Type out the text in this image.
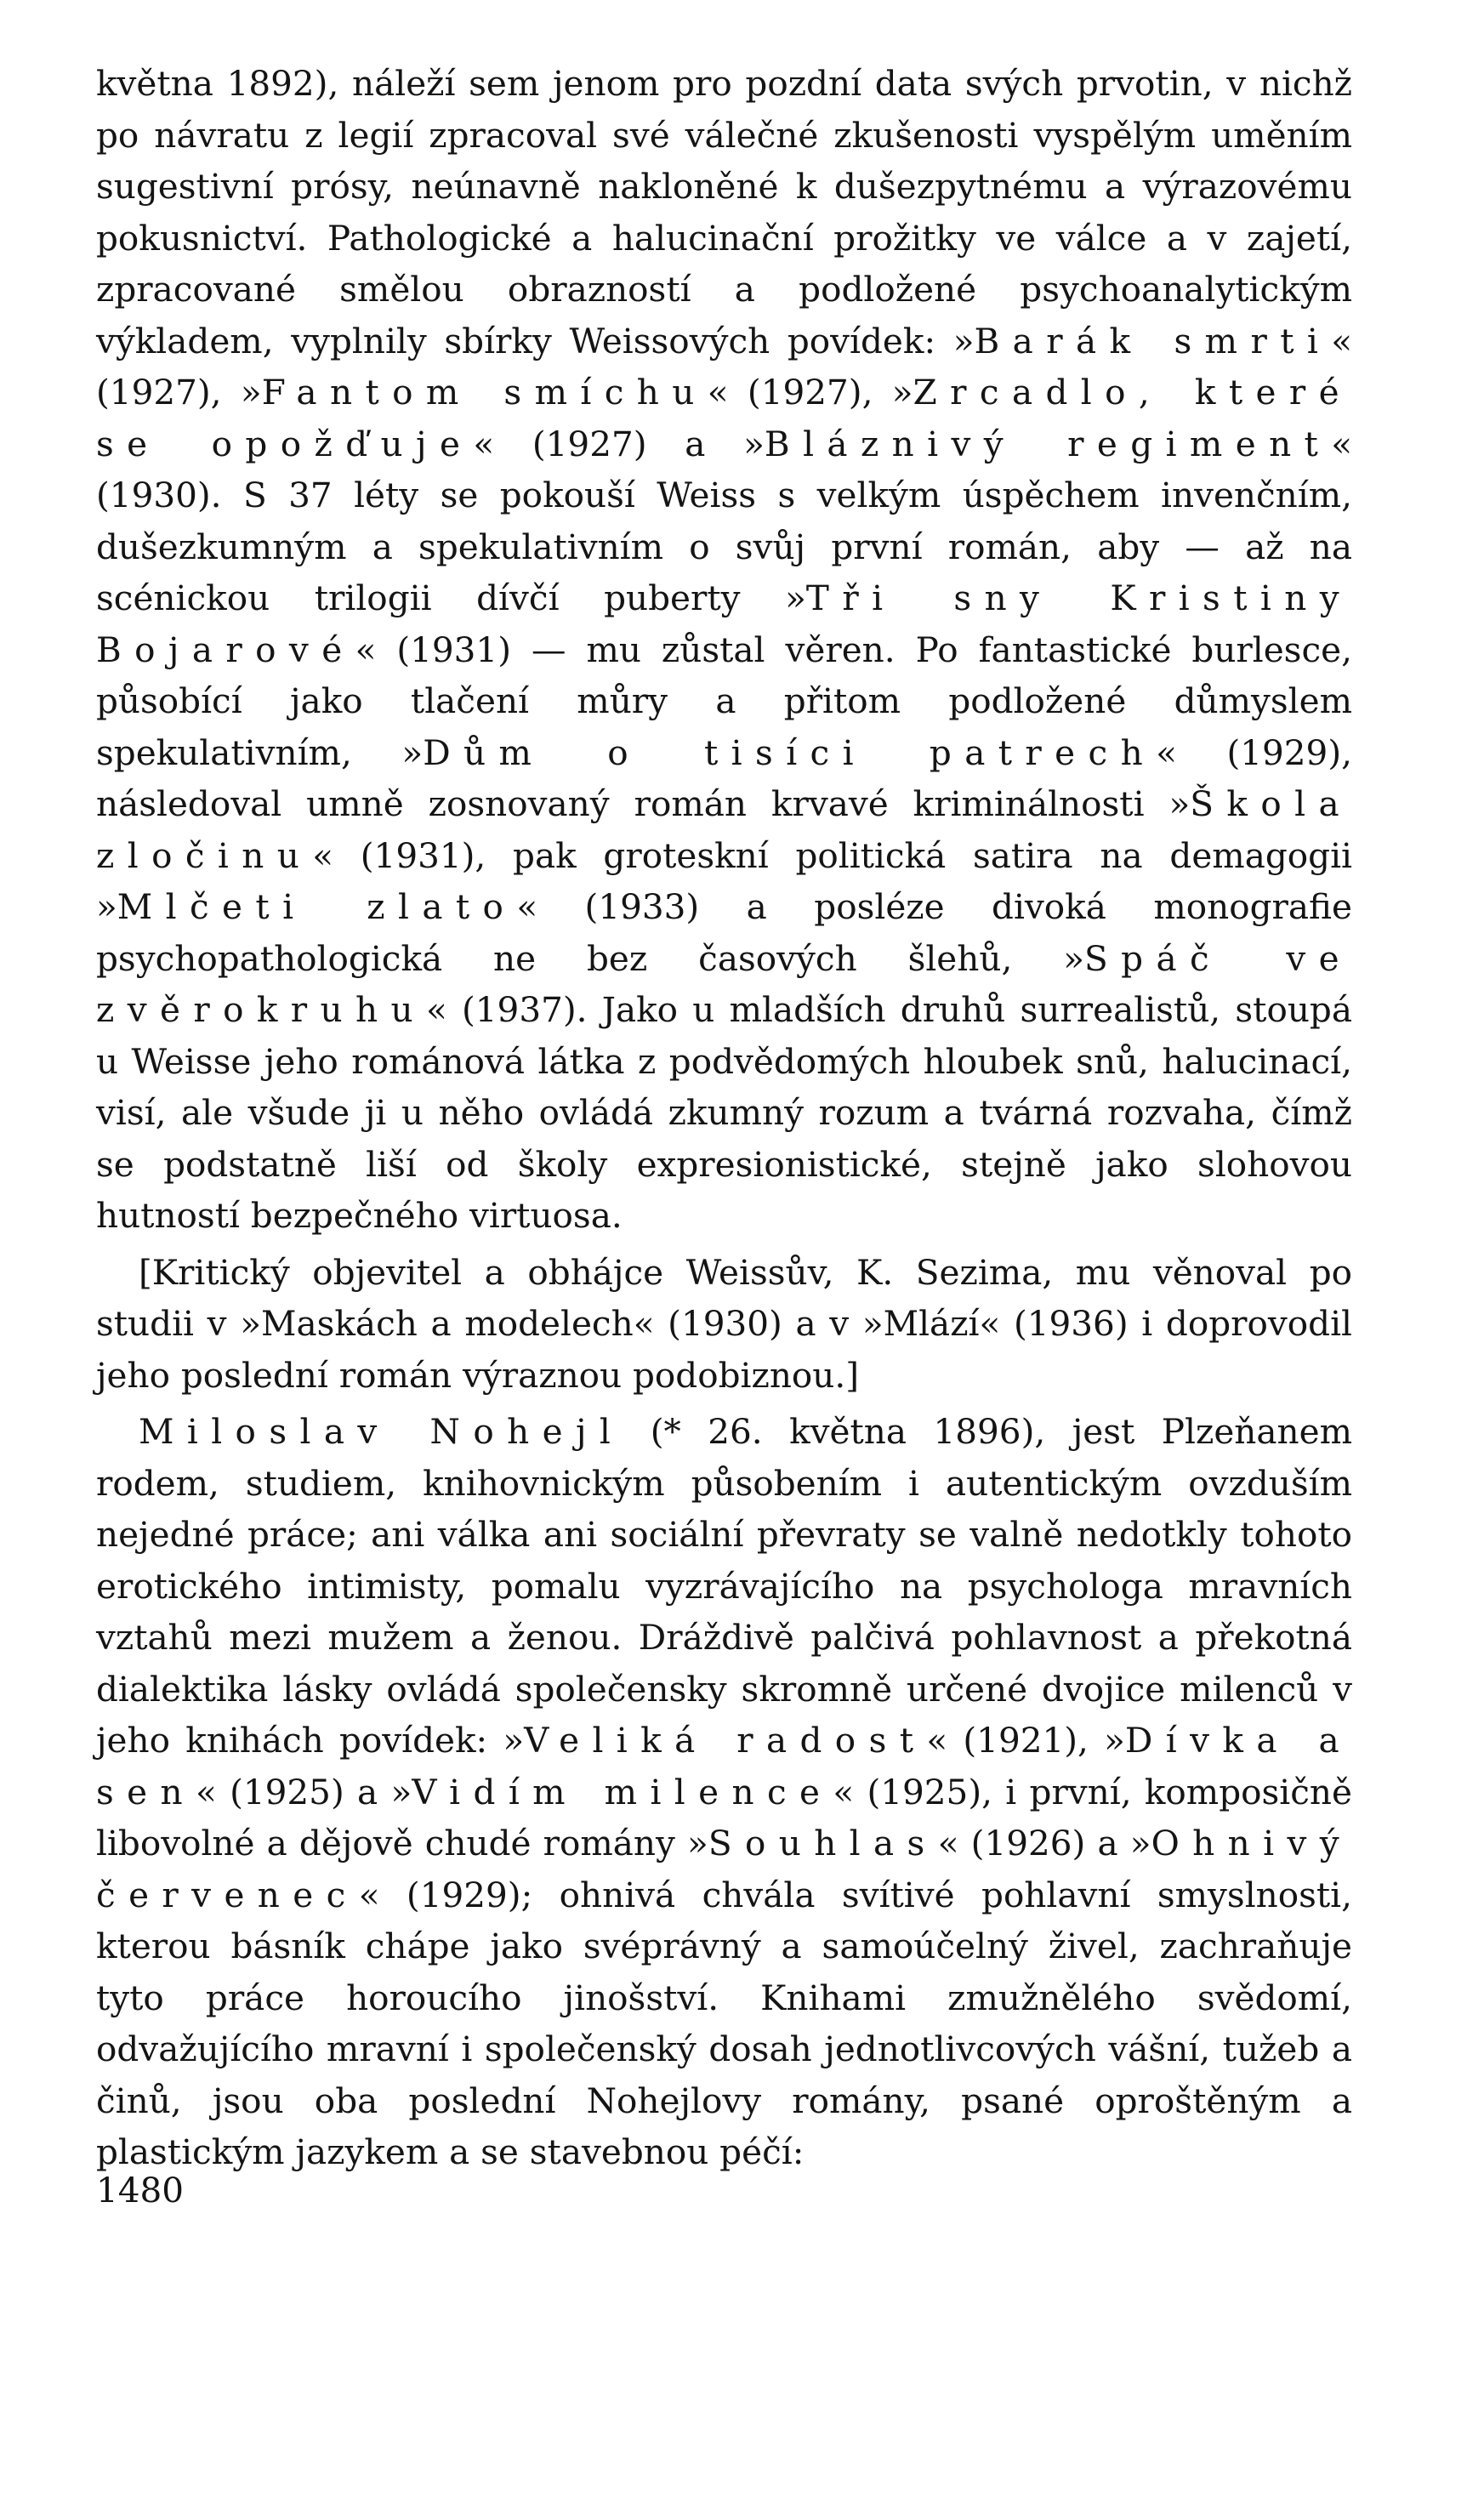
května 1892), náleží sem jenom pro pozdní data svých prvotin, v nichž po návratu z legií zpracoval své válečné zkušenosti vyspělým uměním sugestivní prósy, neúnavně nakloněné k dušezpytnému a výrazovému pokusnictví. Pathologické a halucinační prožitky ve válce a v zajetí, zpracované smělou obrazností a podložené psychoanalytickým výkladem, vyplnily sbírky Weissových povídek: »Barák smrti« (1927), »Fantom smíchu« (1927), »Zrcadlo, které se opožďuje« (1927) a »Bláznivý regiment« (1930). S 37 léty se pokouší Weiss s velkým úspěchem invenčním, dušezkumným a spekulativním o svůj první román, aby — až na scénickou trilogii dívčí puberty »Tři sny Kristiny Bojarové« (1931) — mu zůstal věren. Po fantastické burlesce, působící jako tlačení můry a přitom podložené důmyslem spekulativním, »Dům o tisíci patrech« (1929), následoval umně zosnovaný román krvavé kriminálnosti »Škola zločinu« (1931), pak groteskní politická satira na demagogii »Mlčeti zlato« (1933) a posléze divoká monografie psychopathologická ne bez časových šlehů, »Spáč ve zvěrokruhu« (1937). Jako u mladších druhů surrealistů, stoupá u Weisse jeho románová látka z podvědomých hloubek snů, halucinací, visí, ale všude ji u něho ovládá zkumný rozum a tvárná rozvaha, čímž se podstatně liší od školy expresionistické, stejně jako slohovou hutností bezpečného virtuosa.

[Kritický objevitel a obhájce Weissův, K. Sezima, mu věnoval po studii v »Maskách a modelech« (1930) a v »Mlází« (1936) i doprovodil jeho poslední román výraznou podobiznou.]

Miloslav Nohejl (* 26. května 1896), jest Plzeňanem rodem, studiem, knihovnickým působením i autentickým ovzduším nejedné práce; ani válka ani sociální převraty se valně nedotkly tohoto erotického intimisty, pomalu vyzrávajícího na psychologa mravních vztahů mezi mužem a ženou. Dráždivě palčivá pohlavnost a překotná dialektika lásky ovládá společensky skromně určené dvojice milenců v jeho knihách povídek: »Veliká radost« (1921), »Dívka a sen« (1925) a »Vidím milence« (1925), i první, komposičně libovolné a dějově chudé romány »Souhlas« (1926) a »Ohnivý červenec« (1929); ohnivá chvála svítivé pohlavní smyslnosti, kterou básník chápe jako svéprávný a samoúčelný živel, zachraňuje tyto práce horoucího jinošství. Knihami zmužnělého svědomí, odvažujícího mravní i společenský dosah jednotlivcových vášní, tužeb a činů, jsou oba poslední Nohejlovy romány, psané oproštěným a plastickým jazykem a se stavebnou péčí:

1480
